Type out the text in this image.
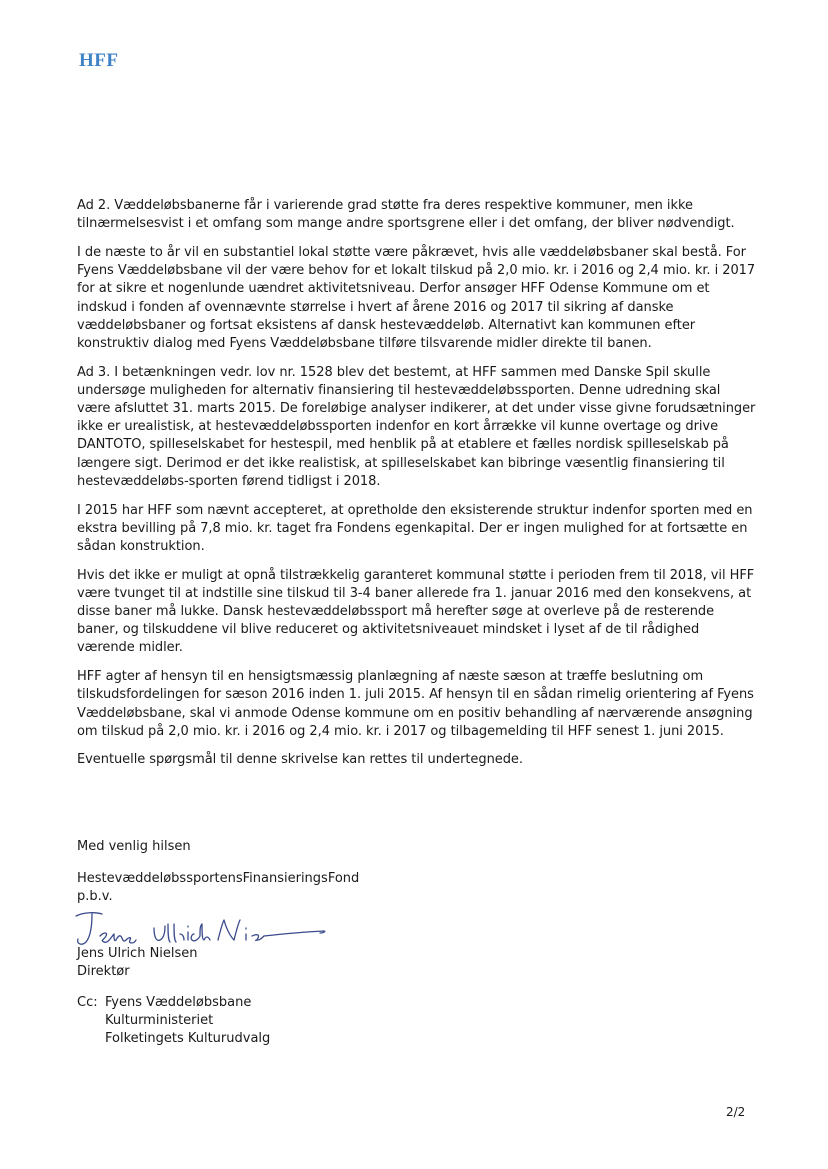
HFF

Ad 2. Væddeløbsbanerne får i varierende grad støtte fra deres respektive kommuner, men ikke tilnærmelsesvist i et omfang som mange andre sportsgrene eller i det omfang, der bliver nødvendigt.

I de næste to år vil en substantiel lokal støtte være påkrævet, hvis alle væddeløbsbaner skal bestå. For Fyens Væddeløbsbane vil der være behov for et lokalt tilskud på 2,0 mio. kr. i 2016 og 2,4 mio. kr. i 2017 for at sikre et nogenlunde uændret aktivitetsniveau. Derfor ansøger HFF Odense Kommune om et indskud i fonden af ovennævnte størrelse i hvert af årene 2016 og 2017 til sikring af danske væddeløbsbaner og fortsat eksistens af dansk hestevæddeløb. Alternativt kan kommunen efter konstruktiv dialog med Fyens Væddeløbsbane tilføre tilsvarende midler direkte til banen.

Ad 3. I betænkningen vedr. lov nr. 1528 blev det bestemt, at HFF sammen med Danske Spil skulle undersøge muligheden for alternativ finansiering til hestevæddeløbssporten. Denne udredning skal være afsluttet 31. marts 2015. De foreløbige analyser indikerer, at det under visse givne forudsætninger ikke er urealistisk, at hestevæddeløbssporten indenfor en kort årrække vil kunne overtage og drive DANTOTO, spilleselskabet for hestespil, med henblik på at etablere et fælles nordisk spilleselskab på længere sigt. Derimod er det ikke realistisk, at spilleselskabet kan bibringe væsentlig finansiering til hestevæddeløbs-sporten førend tidligst i 2018.

I 2015 har HFF som nævnt accepteret, at opretholde den eksisterende struktur indenfor sporten med en ekstra bevilling på 7,8 mio. kr. taget fra Fondens egenkapital. Der er ingen mulighed for at fortsætte en sådan konstruktion.

Hvis det ikke er muligt at opnå tilstrækkelig garanteret kommunal støtte i perioden frem til 2018, vil HFF være tvunget til at indstille sine tilskud til 3-4 baner allerede fra 1. januar 2016 med den konsekvens, at disse baner må lukke. Dansk hestevæddeløbssport må herefter søge at overleve på de resterende baner, og tilskuddene vil blive reduceret og aktivitetsniveauet mindsket i lyset af de til rådighed værende midler.

HFF agter af hensyn til en hensigtsmæssig planlægning af næste sæson at træffe beslutning om tilskudsfordelingen for sæson 2016 inden 1. juli 2015. Af hensyn til en sådan rimelig orientering af Fyens Væddeløbsbane, skal vi anmode Odense kommune om en positiv behandling af nærværende ansøgning om tilskud på 2,0 mio. kr. i 2016 og 2,4 mio. kr. i 2017 og tilbagemelding til HFF senest 1. juni 2015.

Eventuelle spørgsmål til denne skrivelse kan rettes til undertegnede.

Med venlig hilsen

HestevæddeløbssportensFinansieringsFond

p.b.v.

Jens Ulrich Nielsen

Direktør

Cc: Fyens Væddeløbsbane

Kulturministeriet

Folketingets Kulturudvalg

2/2
